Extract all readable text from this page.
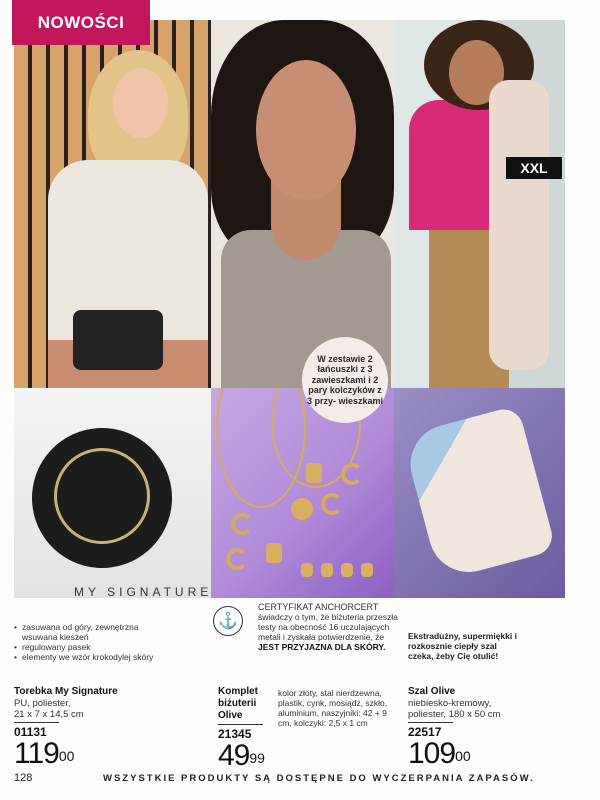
NOWOŚCI
XXL
W zestawie 2 łańcuszki z 3 zawieszkami i 2 pary kolczyków z 3 przy- wieszkami
MY SIGNATURE
• zasuwana od góry, zewnętrzna wsuwana kieszeń
• regulowany pasek
• elementy we wzór krokodylej skóry
⚓
CERTYFIKAT ANCHORCERT
świadczy o tym, że biżuteria przeszła testy na obecność 16 uczulających metali i zyskała potwierdzenie, że
JEST PRZYJAZNA DLA SKÓRY.
Ekstradużny, supermiękki i rozkosznie ciepły szal
czeka, żeby Cię otulić!
Torebka My Signature
PU, poliester,
21 x 7 x 14,5 cm
01131
$119^{00}$
Komplet biżuterii Olive
21345
$49^{99}$
kolor złoty, stal nierdzewna, plastik, cynk, mosiądz, szkło, aluminium, naszyjniki: 42 + 9 cm, kolczyki: 2,5 x 1 cm
Szal Olive
niebiesko-kremowy,
poliester, 180 x 50 cm
22517
$109^{00}$
128	WSZYSTKIE PRODUKTY SĄ DOSTĘPNE DO WYCZERPANIA ZAPASÓW.
